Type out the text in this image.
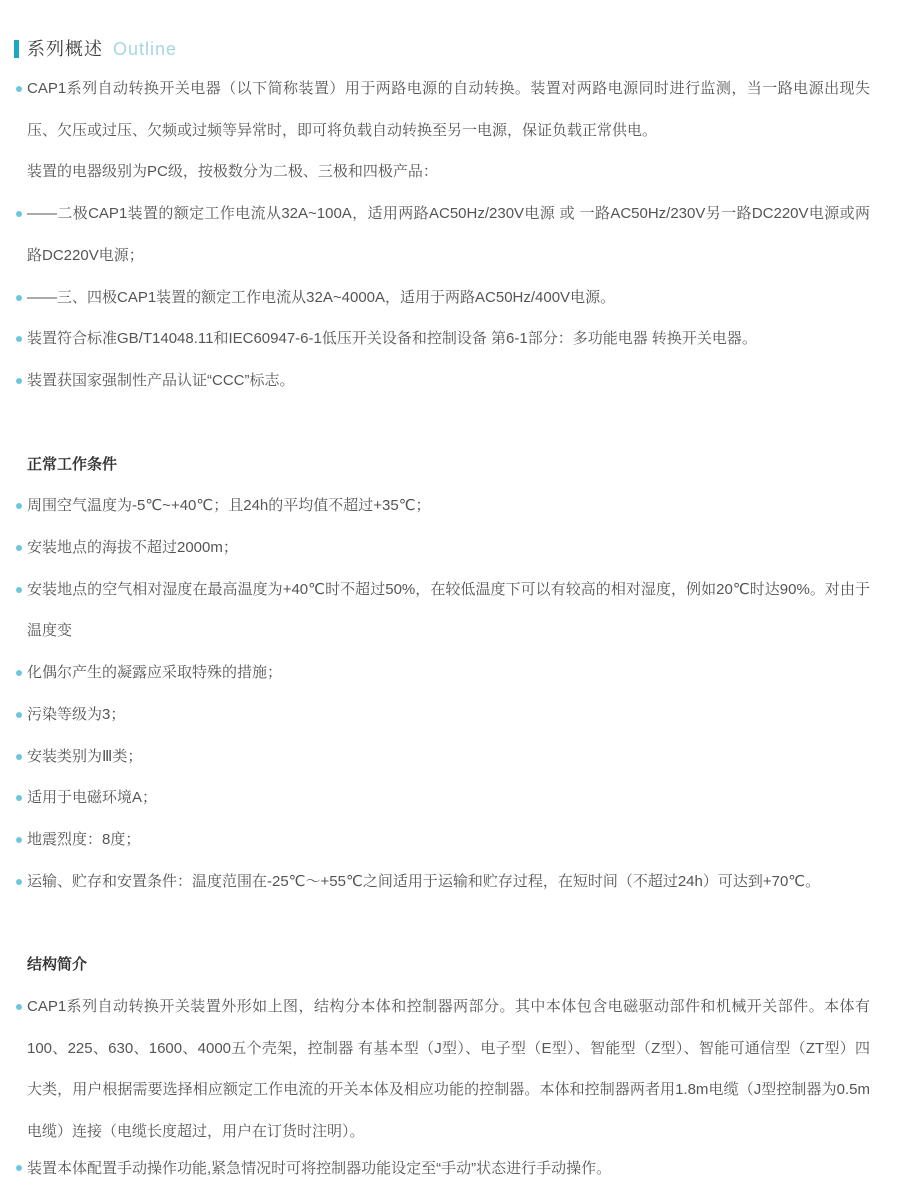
系列概述 Outline
CAP1系列自动转换开关电器（以下简称装置）用于两路电源的自动转换。装置对两路电源同时进行监测，当一路电源出现失压、欠压或过压、欠频或过频等异常时，即可将负载自动转换至另一电源，保证负载正常供电。
装置的电器级别为PC级，按极数分为二极、三极和四极产品：
——二极CAP1装置的额定工作电流从32A~100A，适用两路AC50Hz/230V电源 或 一路AC50Hz/230V另一路DC220V电源或两路DC220V电源；
——三、四极CAP1装置的额定工作电流从32A~4000A，适用于两路AC50Hz/400V电源。
装置符合标准GB/T14048.11和IEC60947-6-1低压开关设备和控制设备 第6-1部分：多功能电器 转换开关电器。
装置获国家强制性产品认证“CCC”标志。
正常工作条件
周围空气温度为-5℃~+40℃；且24h的平均值不超过+35℃；
安装地点的海拔不超过2000m；
安装地点的空气相对湿度在最高温度为+40℃时不超过50%，在较低温度下可以有较高的相对湿度，例如20℃时达90%。对由于温度变
化偶尔产生的凝露应采取特殊的措施；
污染等级为3；
安装类别为Ⅲ类；
适用于电磁环境A；
地震烈度：8度；
运输、贮存和安置条件：温度范围在-25℃～+55℃之间适用于运输和贮存过程，在短时间（不超过24h）可达到+70℃。
结构简介
CAP1系列自动转换开关装置外形如上图，结构分本体和控制器两部分。其中本体包含电磁驱动部件和机械开关部件。本体有100、225、630、1600、4000五个壳架，控制器 有基本型（J型）、电子型（E型）、智能型（Z型）、智能可通信型（ZT型）四大类，用户根据需要选择相应额定工作电流的开关本体及相应功能的控制器。本体和控制器两者用1.8m电缆（J型控制器为0.5m电缆）连接（电缆长度超过，用户在订货时注明）。
装置本体配置手动操作功能,紧急情况时可将控制器功能设定至“手动”状态进行手动操作。
